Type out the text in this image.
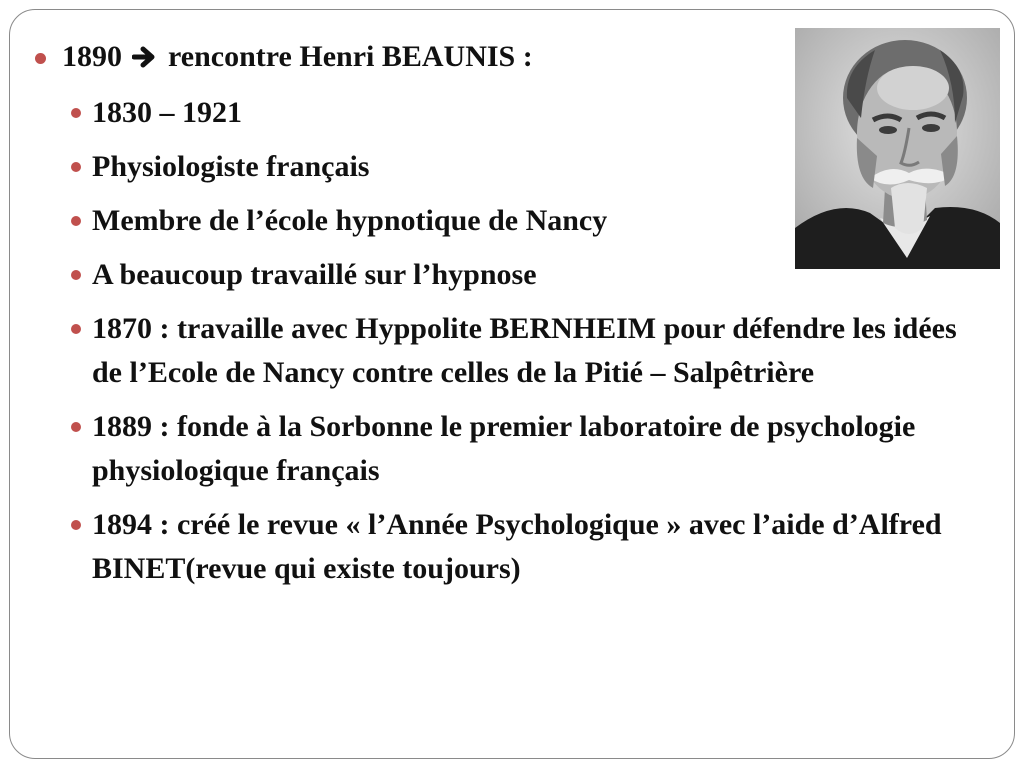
1890 rencontre Henri BEAUNIS :
1830 – 1921
Physiologiste français
Membre de l’école hypnotique de Nancy
A beaucoup travaillé sur l’hypnose
1870 : travaille avec Hyppolite BERNHEIM pour défendre les idées de l’Ecole de Nancy contre celles de la Pitié – Salpêtrière
1889 : fonde à la Sorbonne le premier laboratoire de psychologie physiologique français
1894 : créé le revue « l’Année Psychologique » avec l’aide d’Alfred BINET(revue qui existe toujours)
